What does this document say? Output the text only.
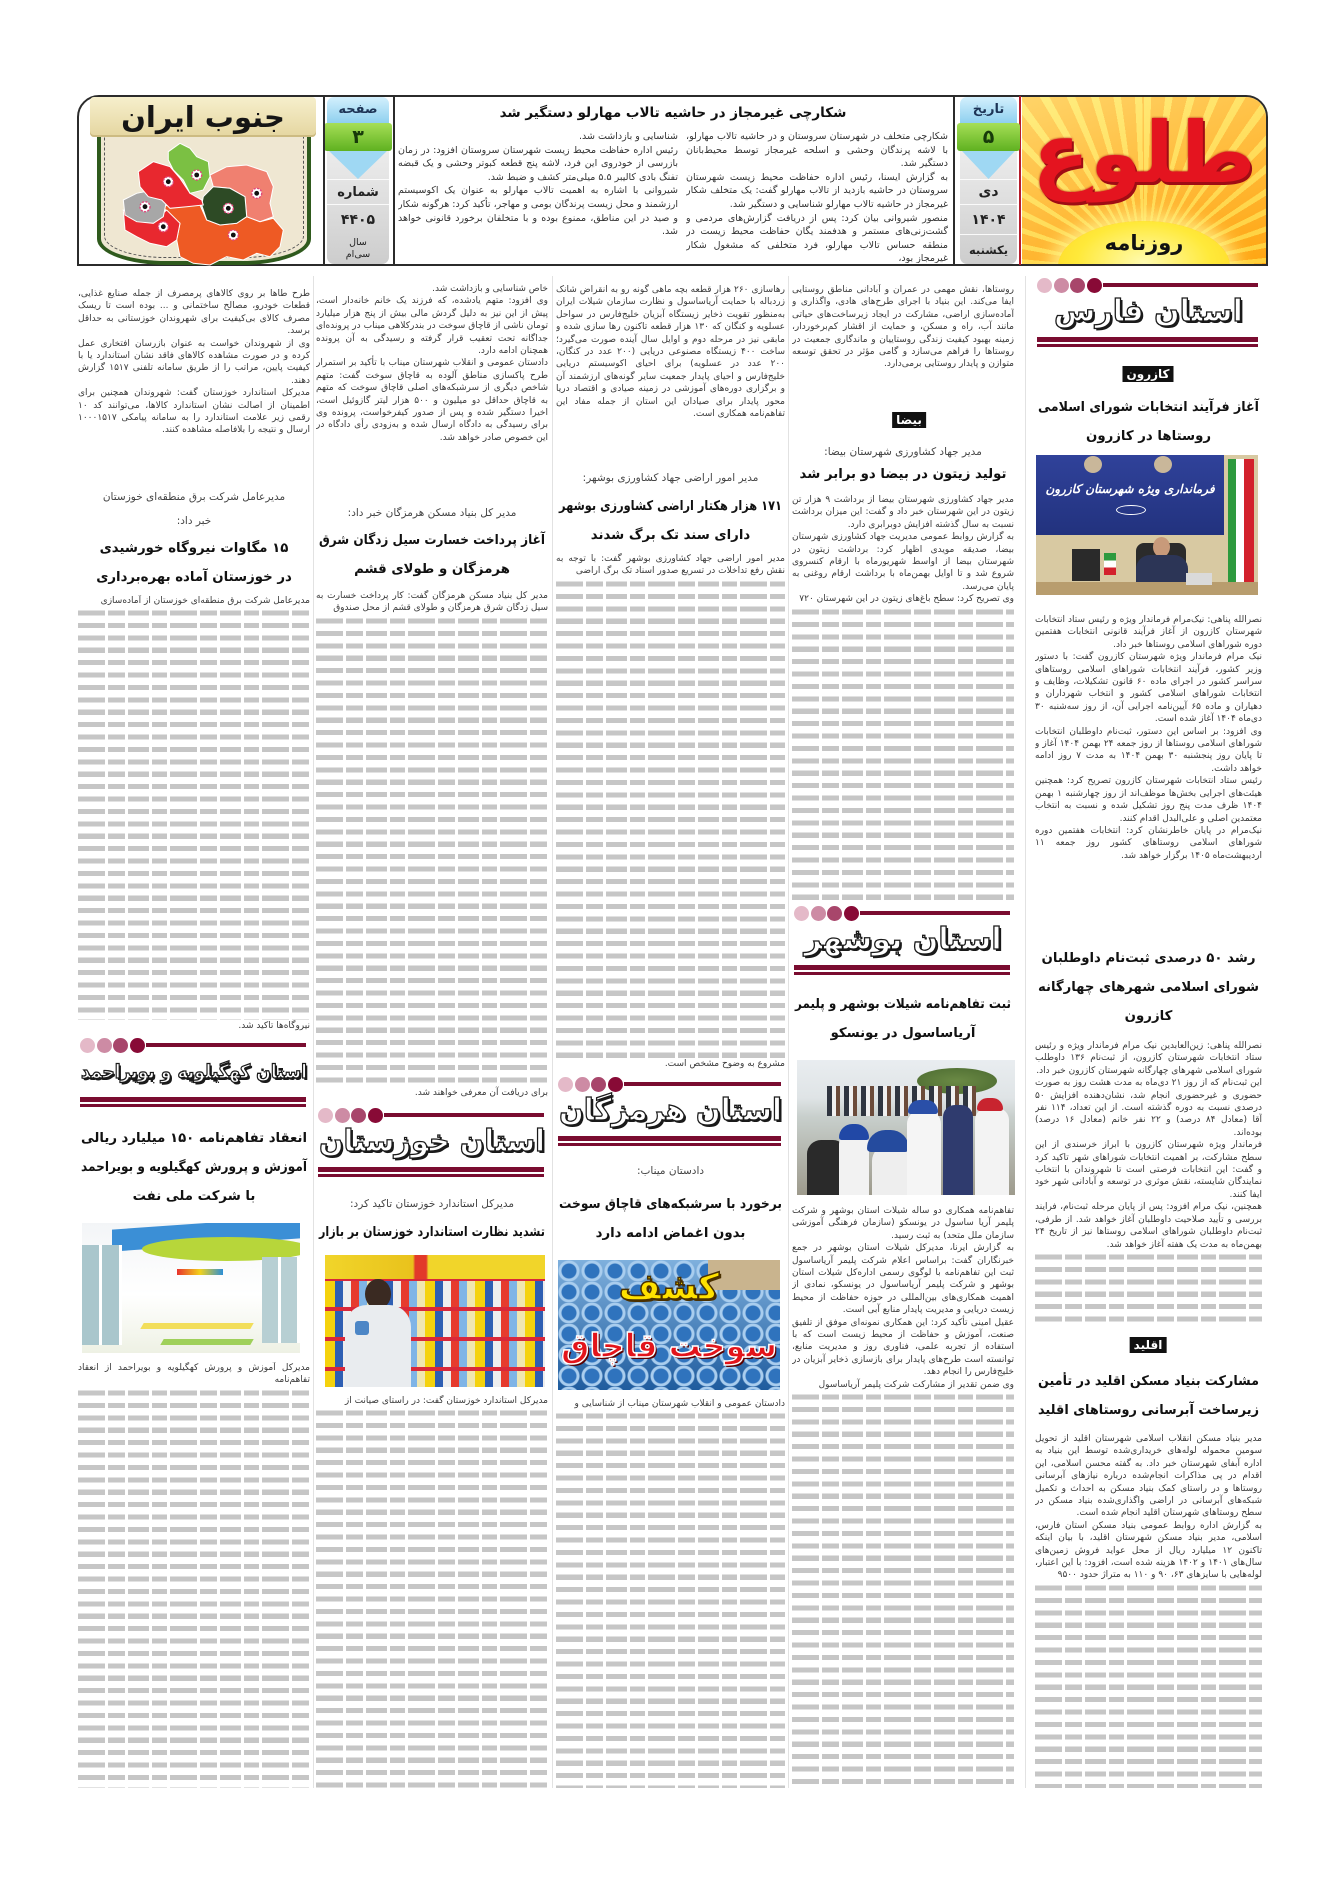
طلوع
روزنامه
تاریخ
۵
دی
۱۴۰۴
یکشنبه
شکارچی غیرمجاز در حاشیه تالاب مهارلو دستگیر شد

شکارچی متخلف در شهرستان سروستان و در حاشیه تالاب مهارلو، با لاشه پرندگان وحشی و اسلحه غیرمجاز توسط محیط‌بانان دستگیر شد.

به گزارش ایسنا، رئیس اداره حفاظت محیط زیست شهرستان سروستان در حاشیه بازدید از تالاب مهارلو گفت: یک متخلف شکار غیرمجاز در حاشیه تالاب مهارلو شناسایی و دستگیر شد.

منصور شیروانی بیان کرد: پس از دریافت گزارش‌های مردمی و گشت‌زنی‌های مستمر و هدفمند یگان حفاظت محیط زیست در منطقه حساس تالاب مهارلو، فرد متخلفی که مشغول شکار غیرمجاز بود،

شناسایی و بازداشت شد.

رئیس اداره حفاظت محیط زیست شهرستان سروستان افزود: در زمان بازرسی از خودروی این فرد، لاشه پنج قطعه کبوتر وحشی و یک قبضه تفنگ بادی کالیبر ۵.۵ میلی‌متر کشف و ضبط شد.

شیروانی با اشاره به اهمیت تالاب مهارلو به عنوان یک اکوسیستم ارزشمند و محل زیست پرندگان بومی و مهاجر، تأکید کرد: هرگونه شکار و صید در این مناطق، ممنوع بوده و با متخلفان برخورد قانونی خواهد شد.

صفحه
۳
شماره
۴۴۰۵
سال
سی‌ام
جنوب ایران
استان فارس
کازرون
آغاز فرآیند انتخابات شورای اسلامی
روستاها در کازرون
فرمانداری ویژه شهرستان کازرون

نصرالله پناهی: نیک‌مرام فرماندار ویژه و رئیس ستاد انتخابات شهرستان کازرون از آغاز فرآیند قانونی انتخابات هفتمین دوره شوراهای اسلامی روستاها خبر داد.

نیک مرام فرماندار ویژه شهرستان کازرون گفت: با دستور وزیر کشور، فرآیند انتخابات شوراهای اسلامی روستاهای سراسر کشور در اجرای ماده ۶۰ قانون تشکیلات، وظایف و انتخابات شوراهای اسلامی کشور و انتخاب شهرداران و دهیاران و ماده ۶۵ آیین‌نامه اجرایی آن، از روز سه‌شنبه ۳۰ دی‌ماه ۱۴۰۴ آغاز شده است.

وی افزود: بر اساس این دستور، ثبت‌نام داوطلبان انتخابات شوراهای اسلامی روستاها از روز جمعه ۲۴ بهمن ۱۴۰۴ آغاز و تا پایان روز پنجشنبه ۳۰ بهمن ۱۴۰۴ به مدت ۷ روز ادامه خواهد داشت.

رئیس ستاد انتخابات شهرستان کازرون تصریح کرد: همچنین هیئت‌های اجرایی بخش‌ها موظف‌اند از روز چهارشنبه ۱ بهمن ۱۴۰۴ ظرف مدت پنج روز تشکیل شده و نسبت به انتخاب معتمدین اصلی و علی‌البدل اقدام کنند.

نیک‌مرام در پایان خاطرنشان کرد: انتخابات هفتمین دوره شوراهای اسلامی روستاهای کشور روز جمعه ۱۱ اردیبهشت‌ماه ۱۴۰۵ برگزار خواهد شد.

رشد ۵۰ درصدی ثبت‌نام داوطلبان
شورای اسلامی شهرهای چهارگانه
کازرون

نصرالله پناهی: زین‌العابدین نیک مرام فرماندار ویژه و رئیس ستاد انتخابات شهرستان کازرون، از ثبت‌نام ۱۳۶ داوطلب شورای اسلامی شهرهای چهارگانه شهرستان کازرون خبر داد.

این ثبت‌نام که از روز ۲۱ دی‌ماه به مدت هشت روز به صورت حضوری و غیرحضوری انجام شد، نشان‌دهنده افزایش ۵۰ درصدی نسبت به دوره گذشته است. از این تعداد، ۱۱۴ نفر آقا (معادل ۸۴ درصد) و ۲۲ نفر خانم (معادل ۱۶ درصد) بوده‌اند.

فرماندار ویژه شهرستان کازرون با ابراز خرسندی از این سطح مشارکت، بر اهمیت انتخابات شوراهای شهر تاکید کرد و گفت: این انتخابات فرصتی است تا شهروندان با انتخاب نمایندگان شایسته، نقش موثری در توسعه و آبادانی شهر خود ایفا کنند.

همچنین، نیک مرام افزود: پس از پایان مرحله ثبت‌نام، فرایند بررسی و تأیید صلاحیت داوطلبان آغاز خواهد شد. از طرفی، ثبت‌نام داوطلبان شوراهای اسلامی روستاها نیز از تاریخ ۲۴ بهمن‌ماه به مدت یک هفته آغاز خواهد شد.

اقلید
مشارکت بنیاد مسکن اقلید در تأمین
زیرساخت آبرسانی روستاهای اقلید

مدیر بنیاد مسکن انقلاب اسلامی شهرستان اقلید از تحویل سومین محموله لوله‌های خریداری‌شده توسط این بنیاد به اداره آبفای شهرستان خبر داد. به گفته محسن اسلامی، این اقدام در پی مذاکرات انجام‌شده درباره نیازهای آبرسانی روستاها و در راستای کمک بنیاد مسکن به احداث و تکمیل شبکه‌های آبرسانی در اراضی واگذاری‌شده بنیاد مسکن در سطح روستاهای شهرستان اقلید انجام شده است.

به گزارش اداره روابط عمومی بنیاد مسکن استان فارس، اسلامی، مدیر بنیاد مسکن شهرستان اقلید، با بیان اینکه تاکنون ۱۲ میلیارد ریال از محل عواید فروش زمین‌های سال‌های ۱۴۰۱ و ۱۴۰۲ هزینه شده است، افزود: با این اعتبار، لوله‌هایی با سایزهای ۶۳، ۹۰ و ۱۱۰ به متراژ حدود ۹۵۰۰

روستاها، نقش مهمی در عمران و آبادانی مناطق روستایی ایفا می‌کند. این بنیاد با اجرای طرح‌های هادی، واگذاری و آماده‌سازی اراضی، مشارکت در ایجاد زیرساخت‌های حیاتی مانند آب، راه و مسکن، و حمایت از اقشار کم‌برخوردار، زمینه بهبود کیفیت زندگی روستاییان و ماندگاری جمعیت در روستاها را فراهم می‌سازد و گامی مؤثر در تحقق توسعه متوازن و پایدار روستایی برمی‌دارد.

بیضا
مدیر جهاد کشاورزی شهرستان بیضا:
تولید زیتون در بیضا دو برابر شد

مدیر جهاد کشاورزی شهرستان بیضا از برداشت ۹ هزار تن زیتون در این شهرستان خبر داد و گفت: این میزان برداشت نسبت به سال گذشته افزایش دوبرابری دارد.

به گزارش روابط عمومی مدیریت جهاد کشاورزی شهرستان بیضا، صدیقه مویدی اظهار کرد: برداشت زیتون در شهرستان بیضا از اواسط شهریورماه با ارقام کنسروی شروع شد و تا اوایل بهمن‌ماه با برداشت ارقام روغنی به پایان می‌رسد.

وی تصریح کرد: سطح باغ‌های زیتون در این شهرستان ۷۲۰

استان بوشهر
ثبت تفاهم‌نامه شیلات بوشهر و پلیمر
آریاساسول در یونسکو

تفاهم‌نامه همکاری دو ساله شیلات استان بوشهر و شرکت پلیمر آریا ساسول در یونسکو (سازمان فرهنگی آموزشی سازمان ملل متحد) به ثبت رسید.

به گزارش ایرنا، مدیرکل شیلات استان بوشهر در جمع خبرنگاران گفت: براساس اعلام شرکت پلیمر آریاساسول ثبت این تفاهم‌نامه با لوگوی رسمی اداره‌کل شیلات استان بوشهر و شرکت پلیمر آریاساسول در یونسکو، نمادی از اهمیت همکاری‌های بین‌المللی در حوزه حفاظت از محیط زیست دریایی و مدیریت پایدار منابع آبی است.

عقیل امینی تأکید کرد: این همکاری نمونه‌ای موفق از تلفیق صنعت، آموزش و حفاظت از محیط زیست است که با استفاده از تجربه علمی، فناوری روز و مدیریت منابع، توانسته است طرح‌های پایدار برای بازسازی ذخایر آبزیان در خلیج‌فارس را انجام دهد.

وی ضمن تقدیر از مشارکت شرکت پلیمر آریاساسول

رهاسازی ۲۶۰ هزار قطعه بچه ماهی گونه رو به انقراض شانک زردباله با حمایت آریاساسول و نظارت سازمان شیلات ایران به‌منظور تقویت ذخایر زیستگاه آبزیان خلیج‌فارس در سواحل عسلویه و کنگان که ۱۳۰ هزار قطعه تاکنون رها سازی شده و مابقی نیز در مرحله دوم و اوایل سال آینده صورت می‌گیرد؛ ساخت ۴۰۰ زیستگاه مصنوعی دریایی (۲۰۰ عدد در کنگان، ۲۰۰ عدد در عسلویه) برای احیای اکوسیستم دریایی خلیج‌فارس و احیای پایدار جمعیت سایر گونه‌های ارزشمند آن و برگزاری دوره‌های آموزشی در زمینه صیادی و اقتصاد دریا محور پایدار برای صیادان این استان از جمله مفاد این تفاهم‌نامه همکاری است.

مدیر امور اراضی جهاد کشاورزی بوشهر:
۱۷۱ هزار هکتار اراضی کشاورزی بوشهر
دارای سند تک برگ شدند

مدیر امور اراضی جهاد کشاورزی بوشهر گفت: با توجه به نقش رفع تداخلات در تسریع صدور اسناد تک برگ اراضی

مشروع به وضوح مشخص است.

استان هرمزگان
دادستان میناب:
برخورد با سرشبکه‌های قاچاق سوخت
بدون اغماض ادامه دارد
کشف
سوخت قاچاق

دادستان عمومی و انقلاب شهرستان میناب از شناسایی و

خاص شناسایی و بازداشت شد.

وی افزود: متهم یادشده، که فرزند یک خانم خانه‌دار است، پیش از این نیز به دلیل گردش مالی بیش از پنج هزار میلیارد تومان ناشی از قاچاق سوخت در بندرکلاهی میناب در پرونده‌ای جداگانه تحت تعقیب قرار گرفته و رسیدگی به آن پرونده همچنان ادامه دارد.

دادستان عمومی و انقلاب شهرستان میناب با تأکید بر استمرار طرح پاکسازی مناطق آلوده به قاچاق سوخت گفت: متهم شاخص دیگری از سرشبکه‌های اصلی قاچاق سوخت که متهم به قاچاق حداقل دو میلیون و ۵۰۰ هزار لیتر گازوئیل است، اخیرا دستگیر شده و پس از صدور کیفرخواست، پرونده وی برای رسیدگی به دادگاه ارسال شده و به‌زودی رأی دادگاه در این خصوص صادر خواهد شد.

مدیر کل بنیاد مسکن هرمزگان خبر داد:
آغاز پرداخت خسارت سیل زدگان شرق
هرمزگان و طولای قشم

مدیر کل بنیاد مسکن هرمزگان گفت: کار پرداخت خسارت به سیل زدگان شرق هرمزگان و طولای قشم از محل صندوق

برای دریافت آن معرفی خواهند شد.

استان خوزستان
مدیرکل استاندارد خوزستان تاکید کرد:
تشدید نظارت استاندارد خوزستان بر بازار

مدیرکل استاندارد خوزستان گفت: در راستای صیانت از

طرح طاها بر روی کالاهای پرمصرف از جمله صنایع غذایی، قطعات خودرو، مصالح ساختمانی و ... بوده است تا ریسک مصرف کالای بی‌کیفیت برای شهروندان خوزستانی به حداقل برسد.

وی از شهروندان خواست به عنوان بازرسان افتخاری عمل کرده و در صورت مشاهده کالاهای فاقد نشان استاندارد یا با کیفیت پایین، مراتب را از طریق سامانه تلفنی ۱۵۱۷ گزارش دهند.

مدیرکل استاندارد خوزستان گفت: شهروندان همچنین برای اطمینان از اصالت نشان استاندارد کالاها، می‌توانند کد ۱۰ رقمی زیر علامت استاندارد را به سامانه پیامکی ۱۰۰۰۱۵۱۷ ارسال و نتیجه را بلافاصله مشاهده کنند.

مدیرعامل شرکت برق منطقه‌ای خوزستان
خبر داد:
۱۵ مگاوات نیروگاه خورشیدی
در خوزستان آماده بهره‌برداری

مدیرعامل شرکت برق منطقه‌ای خوزستان از آماده‌سازی

نیروگاه‌ها تاکید شد.

استان کهگیلویه و بویراحمد
انعقاد تفاهم‌نامه ۱۵۰ میلیارد ریالی
آموزش و پرورش کهگیلویه و بویراحمد
با شرکت ملی نفت

مدیرکل آموزش و پرورش کهگیلویه و بویراحمد از انعقاد تفاهم‌نامه
